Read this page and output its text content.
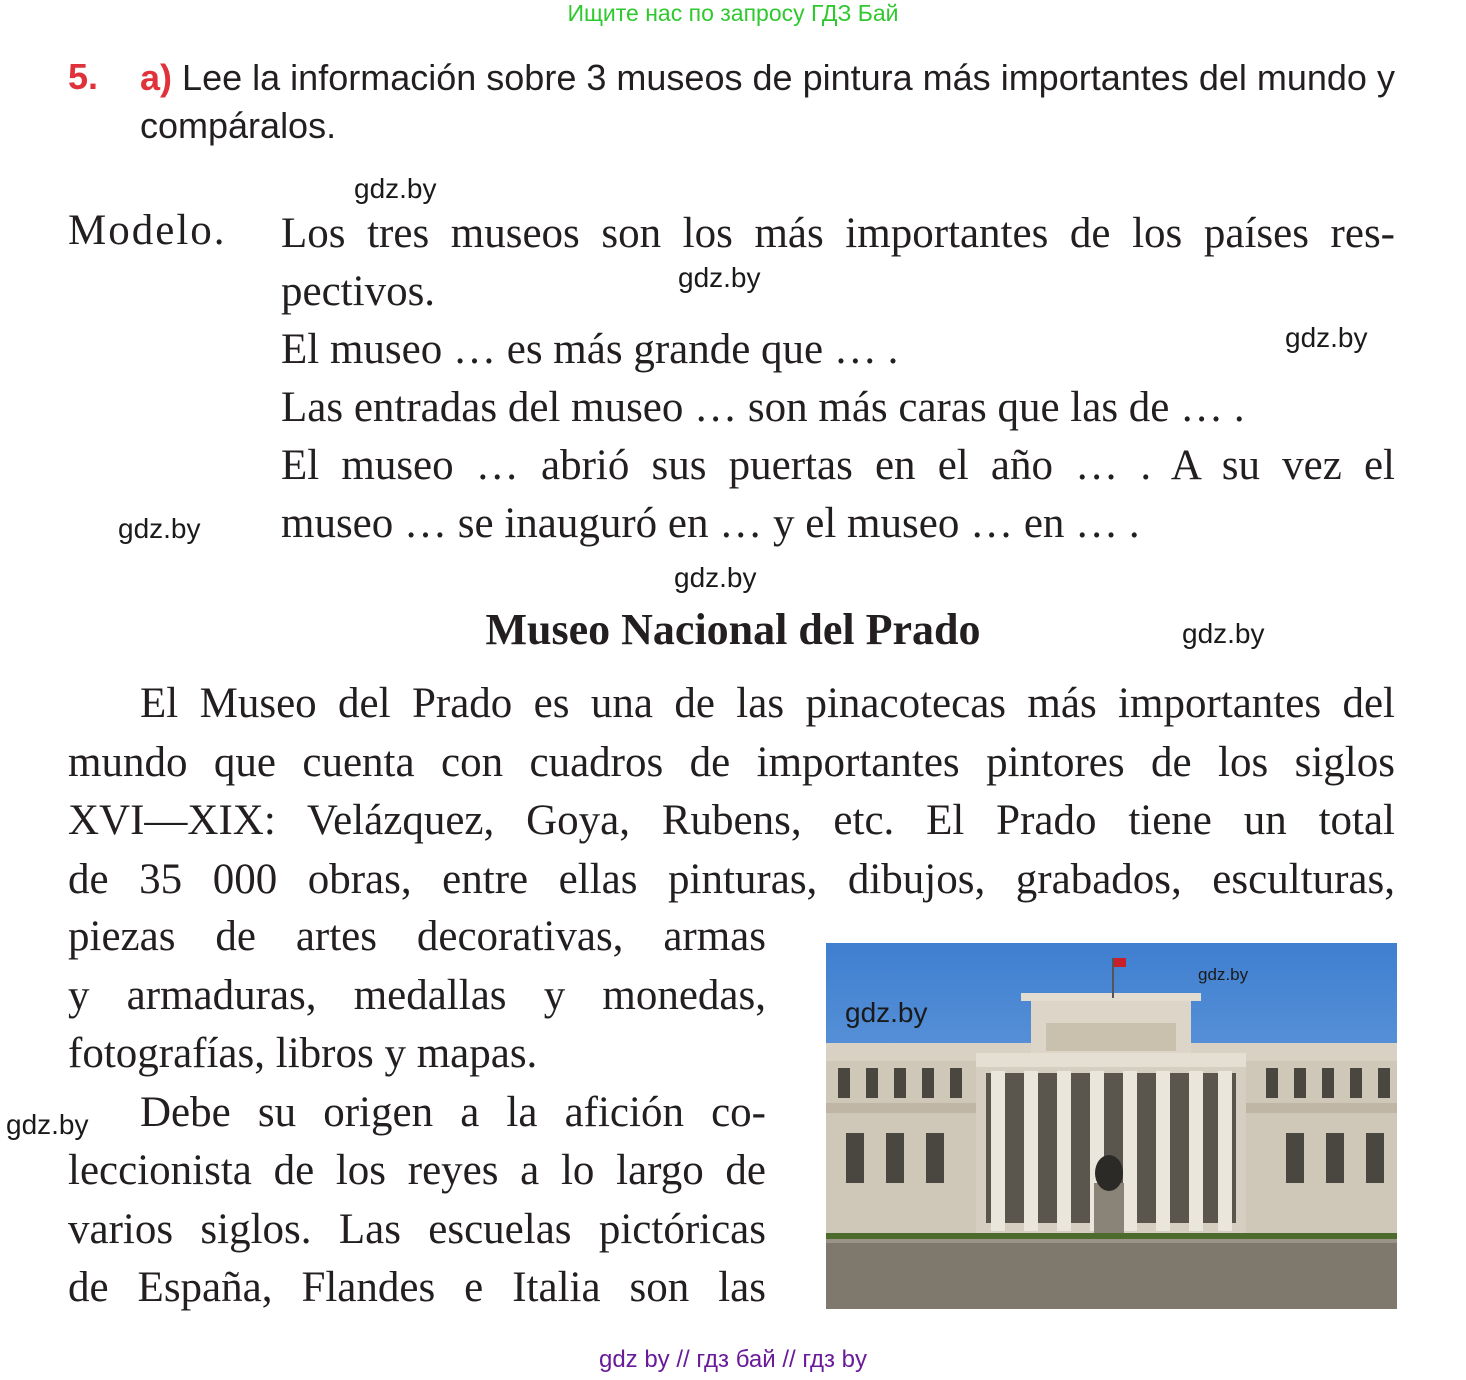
Ищите нас по запросу ГДЗ Бай
5. a) Lee la información sobre 3 museos de pintura más importantes del mundo y compáralos.
gdz.by
Modelo. Los tres museos son los más importantes de los países res-
pectivos.
El museo … es más grande que … .
Las entradas del museo … son más caras que las de … .
El museo … abrió sus puertas en el año … . A su vez el
museo … se inauguró en … y el museo … en … .
gdz.by
gdz.by
gdz.by
gdz.by
gdz.by
Museo Nacional del Prado
El Museo del Prado es una de las pinacotecas más importantes del
mundo que cuenta con cuadros de importantes pintores de los siglos
XVI—XIX: Velázquez, Goya, Rubens, etc. El Prado tiene un total
de 35 000 obras, entre ellas pinturas, dibujos, grabados, esculturas,
piezas de artes decorativas, armas
y armaduras, medallas y monedas,
fotografías, libros y mapas.
Debe su origen a la afición co-
leccionista de los reyes a lo largo de
varios siglos. Las escuelas pictóricas
de España, Flandes e Italia son las
gdz.by
gdz.by
gdz.by
gdz by // гдз бай // гдз by
